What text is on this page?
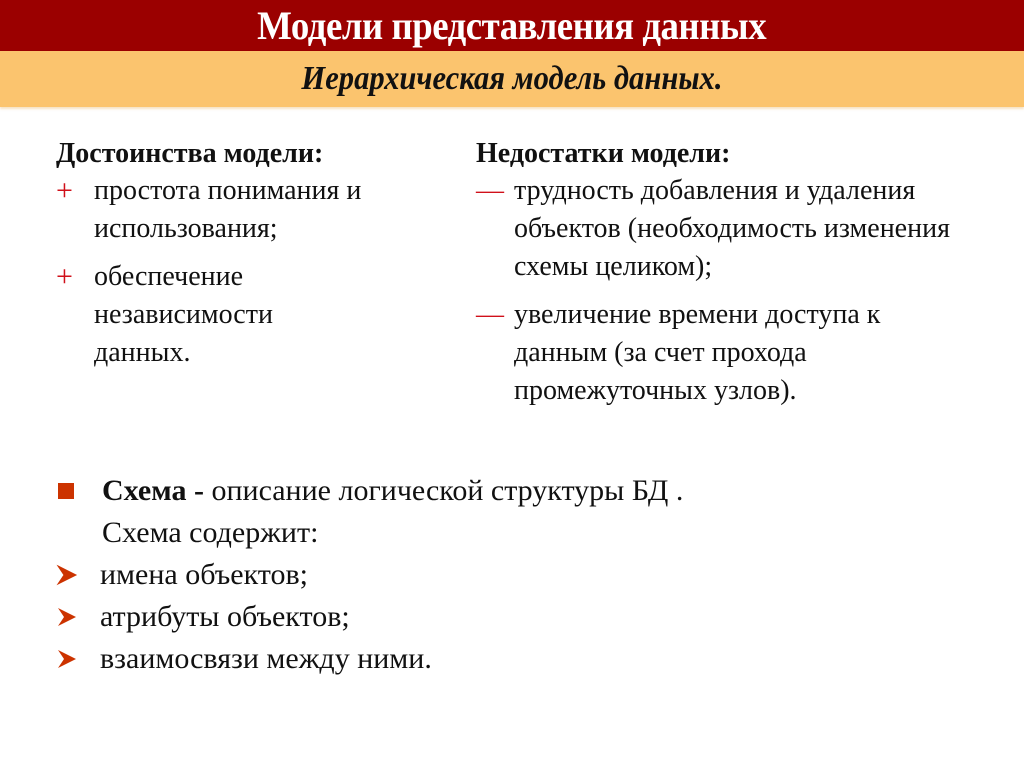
Модели представления данных
Иерархическая модель данных.
Достоинства модели:
+ простота понимания и использования;
+ обеспечение независимости данных.
Недостатки модели:
— трудность добавления и удаления объектов (необходимость изменения схемы целиком);
— увеличение времени доступа к данным (за счет прохода промежуточных узлов).
Схема - описание логической структуры БД .
Схема содержит:
имена объектов;
атрибуты объектов;
взаимосвязи между ними.
